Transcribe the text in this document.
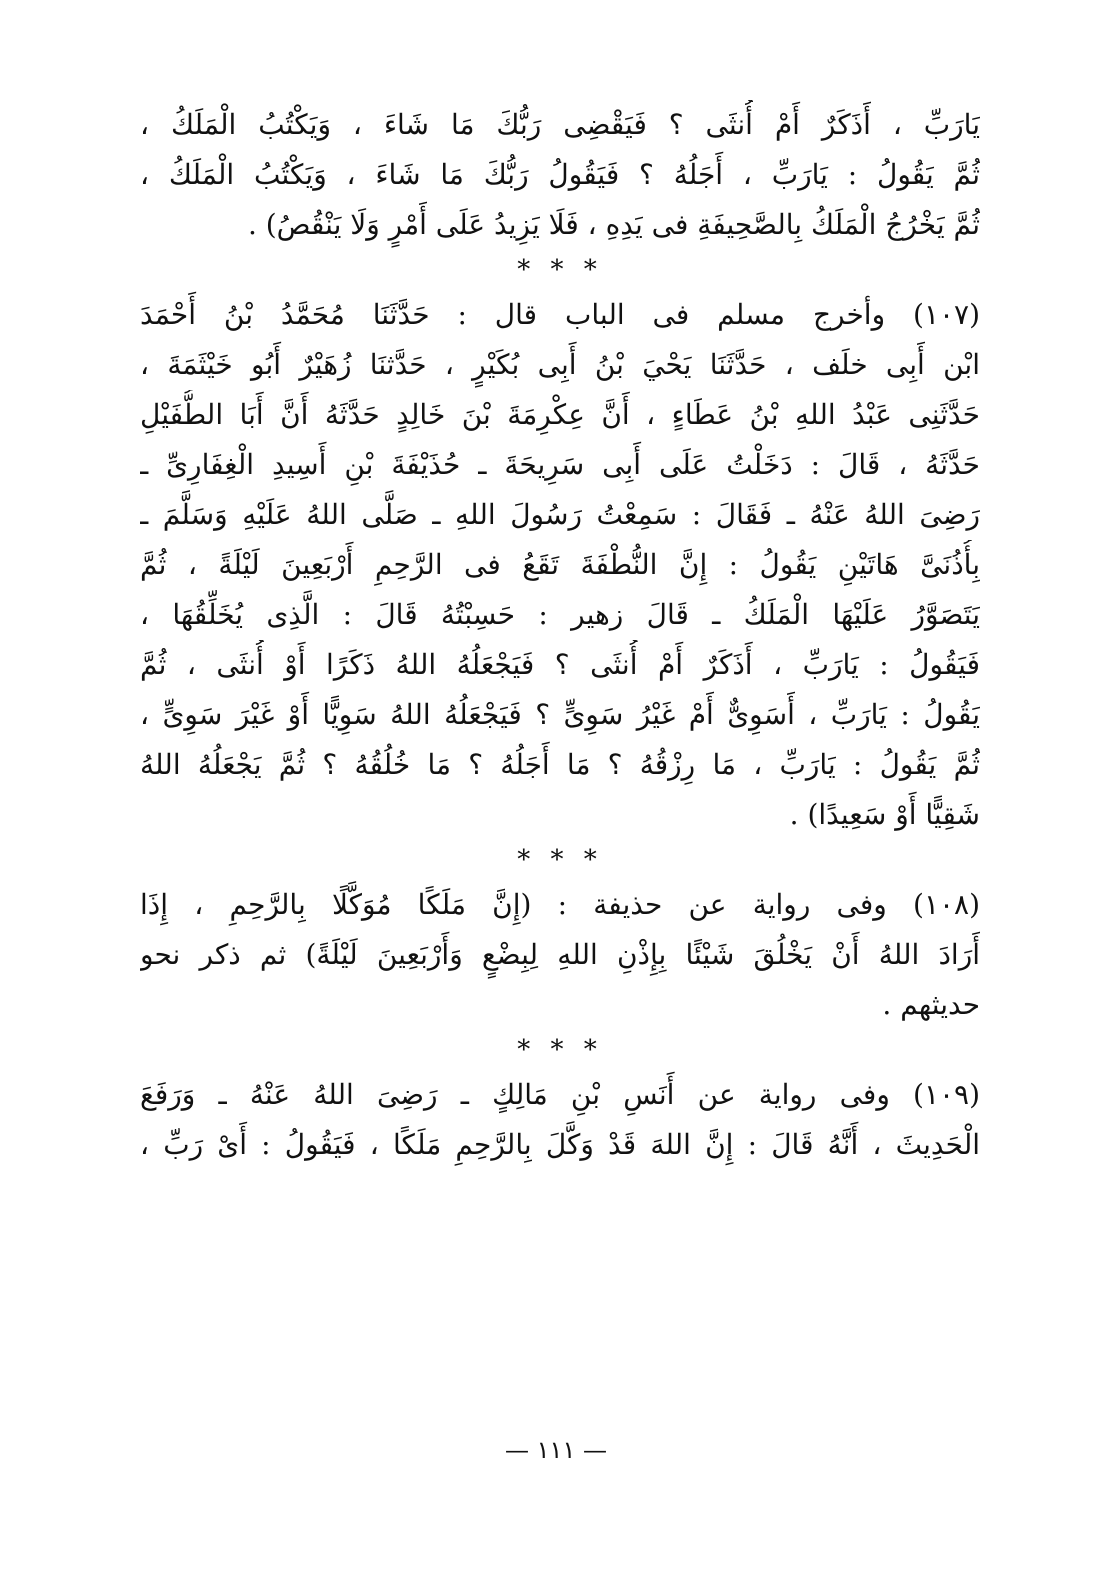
يَارَبِّ ، أَذَكَرٌ أَمْ أُنثَى ؟ فَيَقْضِى رَبُّكَ مَا شَاءَ ، وَيَكْتُبُ الْمَلَكُ ،
ثُمَّ يَقُولُ : يَارَبِّ ، أَجَلُهُ ؟ فَيَقُولُ رَبُّكَ مَا شَاءَ ، وَيَكْتُبُ الْمَلَكُ ،
ثُمَّ يَخْرُجُ الْمَلَكُ بِالصَّحِيفَةِ فى يَدِهِ ، فَلَا يَزِيدُ عَلَى أَمْرٍ وَلَا يَنْقُصُ) .
* * *
(١٠٧) وأخرج مسلم فى الباب قال : حَدَّثَنَا مُحَمَّدُ بْنُ أَحْمَدَ
ابْن أَبِى خلَف ، حَدَّثَنَا يَحْيَ بْنُ أَبِى بُكَيْرٍ ، حَدَّثنَا زُهَيْرٌ أَبُو خَيْثَمَةَ ،
حَدَّثَنِى عَبْدُ اللهِ بْنُ عَطَاءٍ ، أَنَّ عِكْرِمَةَ بْنَ خَالِدٍ حَدَّثَهُ أَنَّ أَبَا الطُّفَيْلِ
حَدَّثَهُ ، قَالَ : دَخَلْتُ عَلَى أَبِى سَرِيحَةَ ـ حُذَيْفَةَ بْنِ أَسِيدِ الْغِفَارِىِّ ـ
رَضِىَ اللهُ عَنْهُ ـ فَقَالَ : سَمِعْتُ رَسُولَ اللهِ ـ صَلَّى اللهُ عَلَيْهِ وَسَلَّمَ ـ
بِأُذُنَىَّ هَاتَيْنِ يَقُولُ : إِنَّ النُّطْفَةَ تَقَعُ فى الرَّحِمِ أَرْبَعِينَ لَيْلَةً ، ثُمَّ
يَتَصَوَّرُ عَلَيْهَا الْمَلَكُ ـ قَالَ زهير : حَسِبْتُهُ قَالَ : الَّذِى يُخَلِّقُهَا ،
فَيَقُولُ : يَارَبِّ ، أَذَكَرٌ أَمْ أُنثَى ؟ فَيَجْعَلُهُ اللهُ ذَكَرًا أَوْ أُنثَى ، ثُمَّ
يَقُولُ : يَارَبِّ ، أَسَوِىٌّ أَمْ غَيْرُ سَوِىٍّ ؟ فَيَجْعَلُهُ اللهُ سَوِيًّا أَوْ غَيْرَ سَوِىٍّ ،
ثُمَّ يَقُولُ : يَارَبِّ ، مَا رِزْقُهُ ؟ مَا أَجَلُهُ ؟ مَا خُلُقُهُ ؟ ثُمَّ يَجْعَلُهُ اللهُ
شَقِيًّا أَوْ سَعِيدًا) .
* * *
(١٠٨) وفى رواية عن حذيفة : (إِنَّ مَلَكًا مُوَكَّلًا بِالرَّحِمِ ، إِذَا
أَرَادَ اللهُ أَنْ يَخْلُقَ شَيْئًا بِإِذْنِ اللهِ لِبِضْعٍ وَأَرْبَعِينَ لَيْلَةً) ثم ذكر نحو
حديثهم .
* * *
(١٠٩) وفى رواية عن أَنَسِ بْنِ مَالِكٍ ـ رَضِىَ اللهُ عَنْهُ ـ وَرَفَعَ
الْحَدِيثَ ، أَنَّهُ قَالَ : إِنَّ اللهَ قَدْ وَكَّلَ بِالرَّحِمِ مَلَكًا ، فَيَقُولُ : أَىْ رَبِّ ،
— ١١١ —
